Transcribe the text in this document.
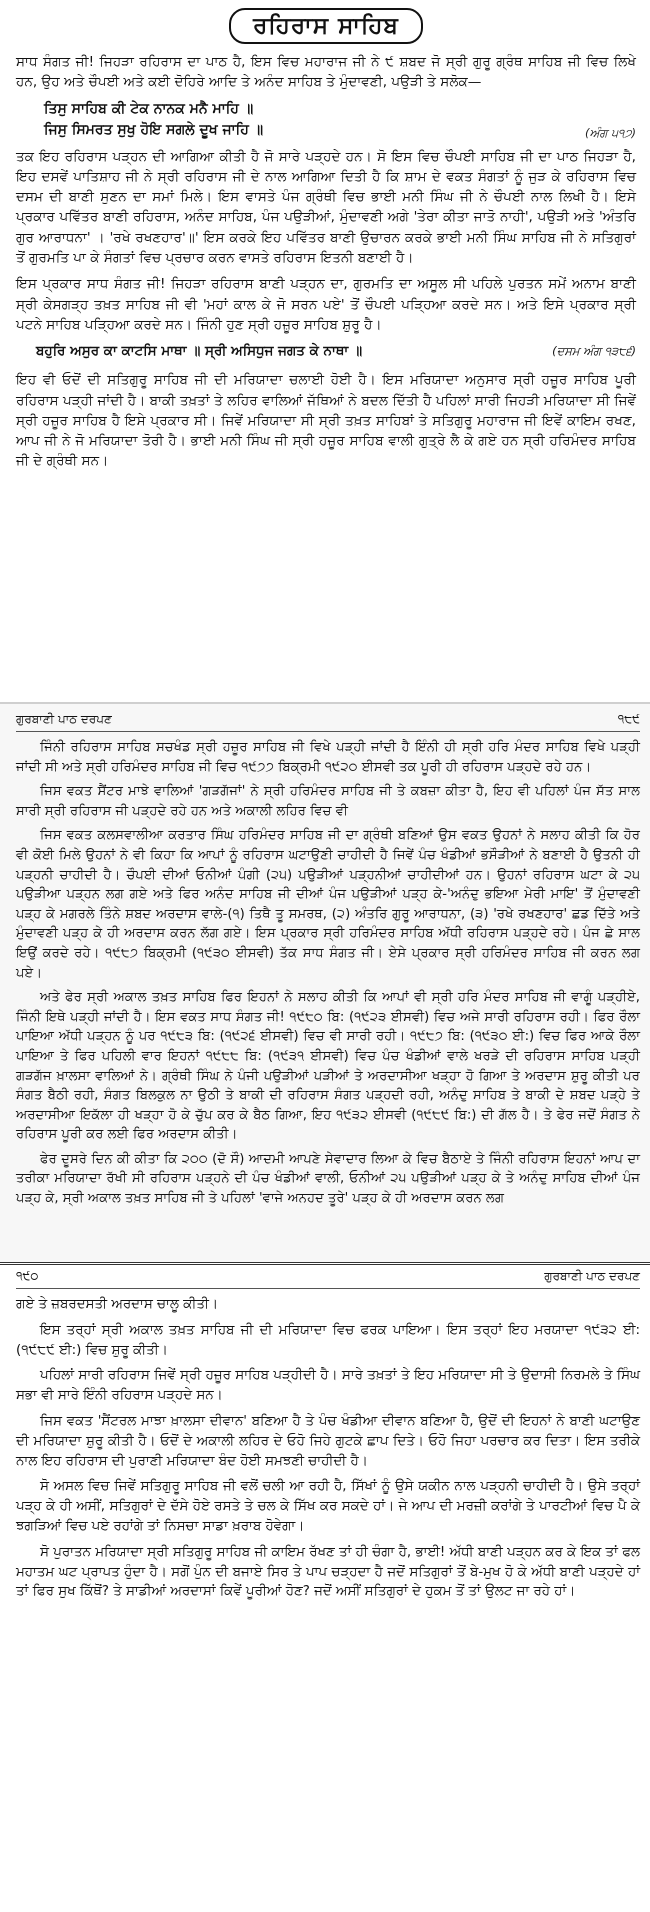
ਰਹਿਰਾਸ ਸਾਹਿਬ

ਸਾਧ ਸੰਗਤ ਜੀ! ਜਿਹੜਾ ਰਹਿਰਾਸ ਦਾ ਪਾਠ ਹੈ, ਇਸ ਵਿਚ ਮਹਾਰਾਜ ਜੀ ਨੇ ੯ ਸ਼ਬਦ ਜੋ ਸ੍ਰੀ ਗੁਰੂ ਗ੍ਰੰਥ ਸਾਹਿਬ ਜੀ ਵਿਚ ਲਿਖੇ ਹਨ, ਉਹ ਅਤੇ ਚੌਪਈ ਅਤੇ ਕਈ ਦੋਹਿਰੇ ਆਦਿ ਤੇ ਅਨੰਦ ਸਾਹਿਬ ਤੇ ਮੁੰਦਾਵਣੀ, ਪਉੜੀ ਤੇ ਸਲੋਕ—

ਤਿਸੁ ਸਾਹਿਬ ਕੀ ਟੇਕ ਨਾਨਕ ਮਨੈ ਮਾਹਿ ॥
ਜਿਸੁ ਸਿਮਰਤ ਸੁਖੁ ਹੋਇ ਸਗਲੇ ਦੂਖ ਜਾਹਿ ॥	(ਅੰਗ ੫੧੭)

ਤਕ ਇਹ ਰਹਿਰਾਸ ਪੜ੍ਹਨ ਦੀ ਆਗਿਆ ਕੀਤੀ ਹੈ ਜੋ ਸਾਰੇ ਪੜ੍ਹਦੇ ਹਨ। ਸੋ ਇਸ ਵਿਚ ਚੌਪਈ ਸਾਹਿਬ ਜੀ ਦਾ ਪਾਠ ਜਿਹੜਾ ਹੈ, ਇਹ ਦਸਵੇਂ ਪਾਤਿਸ਼ਾਹ ਜੀ ਨੇ ਸ੍ਰੀ ਰਹਿਰਾਸ ਜੀ ਦੇ ਨਾਲ ਆਗਿਆ ਦਿਤੀ ਹੈ ਕਿ ਸ਼ਾਮ ਦੇ ਵਕਤ ਸੰਗਤਾਂ ਨੂੰ ਜੁੜ ਕੇ ਰਹਿਰਾਸ ਵਿਚ ਦਸਮ ਦੀ ਬਾਣੀ ਸੁਣਨ ਦਾ ਸਮਾਂ ਮਿਲੇ। ਇਸ ਵਾਸਤੇ ਪੰਜ ਗ੍ਰੰਥੀ ਵਿਚ ਭਾਈ ਮਨੀ ਸਿੰਘ ਜੀ ਨੇ ਚੌਪਈ ਨਾਲ ਲਿਖੀ ਹੈ। ਇਸੇ ਪ੍ਰਕਾਰ ਪਵਿੱਤਰ ਬਾਣੀ ਰਹਿਰਾਸ, ਅਨੰਦ ਸਾਹਿਬ, ਪੰਜ ਪਉੜੀਆਂ, ਮੁੰਦਾਵਣੀ ਅਗੇ 'ਤੇਰਾ ਕੀਤਾ ਜਾਤੋ ਨਾਹੀ', ਪਉੜੀ ਅਤੇ 'ਅੰਤਰਿ ਗੁਰ ਆਰਾਧਨਾ' । 'ਰਖੇ ਰਖਣਹਾਰ'॥' ਇਸ ਕਰਕੇ ਇਹ ਪਵਿੱਤਰ ਬਾਣੀ ਉਚਾਰਨ ਕਰਕੇ ਭਾਈ ਮਨੀ ਸਿੰਘ ਸਾਹਿਬ ਜੀ ਨੇ ਸਤਿਗੁਰਾਂ ਤੋਂ ਗੁਰਮਤਿ ਪਾ ਕੇ ਸੰਗਤਾਂ ਵਿਚ ਪ੍ਰਚਾਰ ਕਰਨ ਵਾਸਤੇ ਰਹਿਰਾਸ ਇਤਨੀ ਬਣਾਈ ਹੈ।

ਇਸ ਪ੍ਰਕਾਰ ਸਾਧ ਸੰਗਤ ਜੀ! ਜਿਹੜਾ ਰਹਿਰਾਸ ਬਾਣੀ ਪੜ੍ਹਨ ਦਾ, ਗੁਰਮਤਿ ਦਾ ਅਸੂਲ ਸੀ ਪਹਿਲੇ ਪੁਰਤਨ ਸਮੇਂ ਅਨਾਮ ਬਾਣੀ ਸ੍ਰੀ ਕੇਸਗੜ੍ਹ ਤਖ਼ਤ ਸਾਹਿਬ ਜੀ ਵੀ 'ਮਹਾਂ ਕਾਲ ਕੇ ਜੋ ਸਰਨ ਪਏ' ਤੋਂ ਚੌਪਈ ਪੜ੍ਹਿਆ ਕਰਦੇ ਸਨ। ਅਤੇ ਇਸੇ ਪ੍ਰਕਾਰ ਸ੍ਰੀ ਪਟਨੇ ਸਾਹਿਬ ਪੜ੍ਹਿਆ ਕਰਦੇ ਸਨ। ਜਿੰਨੀ ਹੁਣ ਸ੍ਰੀ ਹਜ਼ੂਰ ਸਾਹਿਬ ਸ਼ੁਰੂ ਹੈ।

ਬਹੁਰਿ ਅਸੁਰ ਕਾ ਕਾਟਸਿ ਮਾਥਾ ॥ ਸ੍ਰੀ ਅਸਿਧੁਜ ਜਗਤ ਕੇ ਨਾਥਾ ॥	(ਦਸਮ ਅੰਗ ੧੩੮੬)

ਇਹ ਵੀ ਓਦੋਂ ਦੀ ਸਤਿਗੁਰੂ ਸਾਹਿਬ ਜੀ ਦੀ ਮਰਿਯਾਦਾ ਚਲਾਈ ਹੋਈ ਹੈ। ਇਸ ਮਰਿਯਾਦਾ ਅਨੁਸਾਰ ਸ੍ਰੀ ਹਜ਼ੂਰ ਸਾਹਿਬ ਪੂਰੀ ਰਹਿਰਾਸ ਪੜ੍ਹੀ ਜਾਂਦੀ ਹੈ। ਬਾਕੀ ਤਖ਼ਤਾਂ ਤੇ ਲਹਿਰ ਵਾਲਿਆਂ ਜੱਥਿਆਂ ਨੇ ਬਦਲ ਦਿੱਤੀ ਹੈ ਪਹਿਲਾਂ ਸਾਰੀ ਜਿਹੜੀ ਮਰਿਯਾਦਾ ਸੀ ਜਿਵੇਂ ਸ੍ਰੀ ਹਜ਼ੂਰ ਸਾਹਿਬ ਹੈ ਇਸੇ ਪ੍ਰਕਾਰ ਸੀ। ਜਿਵੇਂ ਮਰਿਯਾਦਾ ਸੀ ਸ੍ਰੀ ਤਖ਼ਤ ਸਾਹਿਬਾਂ ਤੇ ਸਤਿਗੁਰੂ ਮਹਾਰਾਜ ਜੀ ਇਵੇਂ ਕਾਇਮ ਰਖਣ, ਆਪ ਜੀ ਨੇ ਜੋ ਮਰਿਯਾਦਾ ਤੋਰੀ ਹੈ। ਭਾਈ ਮਨੀ ਸਿੰਘ ਜੀ ਸ੍ਰੀ ਹਜ਼ੂਰ ਸਾਹਿਬ ਵਾਲੀ ਗੁਤ੍ਰੇ ਲੈ ਕੇ ਗਏ ਹਨ ਸ੍ਰੀ ਹਰਿਮੰਦਰ ਸਾਹਿਬ ਜੀ ਦੇ ਗ੍ਰੰਥੀ ਸਨ।

ਗੁਰਬਾਣੀ ਪਾਠ ਦਰਪਣ	੧੮੯

ਜਿੰਨੀ ਰਹਿਰਾਸ ਸਾਹਿਬ ਸਚਖੰਡ ਸ੍ਰੀ ਹਜ਼ੂਰ ਸਾਹਿਬ ਜੀ ਵਿਖੇ ਪੜ੍ਹੀ ਜਾਂਦੀ ਹੈ ਇੰਨੀ ਹੀ ਸ੍ਰੀ ਹਰਿ ਮੰਦਰ ਸਾਹਿਬ ਵਿਖੇ ਪੜ੍ਹੀ ਜਾਂਦੀ ਸੀ ਅਤੇ ਸ੍ਰੀ ਹਰਿਮੰਦਰ ਸਾਹਿਬ ਜੀ ਵਿਚ ੧੯੭੭ ਬਿਕ੍ਰਮੀ ੧੯੨੦ ਈਸਵੀ ਤਕ ਪੂਰੀ ਹੀ ਰਹਿਰਾਸ ਪੜ੍ਹਦੇ ਰਹੇ ਹਨ।

ਜਿਸ ਵਕਤ ਸੈਂਟਰ ਮਾਝੇ ਵਾਲਿਆਂ 'ਗੜਗੱਜਾਂ' ਨੇ ਸ੍ਰੀ ਹਰਿਮੰਦਰ ਸਾਹਿਬ ਜੀ ਤੇ ਕਬਜ਼ਾ ਕੀਤਾ ਹੈ, ਇਹ ਵੀ ਪਹਿਲਾਂ ਪੰਜ ਸੱਤ ਸਾਲ ਸਾਰੀ ਸ੍ਰੀ ਰਹਿਰਾਸ ਜੀ ਪੜ੍ਹਦੇ ਰਹੇ ਹਨ ਅਤੇ ਅਕਾਲੀ ਲਹਿਰ ਵਿਚ ਵੀ

ਜਿਸ ਵਕਤ ਕਲਸਵਾਲੀਆ ਕਰਤਾਰ ਸਿੰਘ ਹਰਿਮੰਦਰ ਸਾਹਿਬ ਜੀ ਦਾ ਗ੍ਰੰਥੀ ਬਣਿਆਂ ਉਸ ਵਕਤ ਉਹਨਾਂ ਨੇ ਸਲਾਹ ਕੀਤੀ ਕਿ ਹੋਰ ਵੀ ਕੋਈ ਮਿਲੇ ਉਹਨਾਂ ਨੇ ਵੀ ਕਿਹਾ ਕਿ ਆਪਾਂ ਨੂੰ ਰਹਿਰਾਸ ਘਟਾਉਣੀ ਚਾਹੀਦੀ ਹੈ ਜਿਵੇਂ ਪੰਚ ਖੰਡੀਆਂ ਭਸੌੜੀਆਂ ਨੇ ਬਣਾਈ ਹੈ ਉਤਨੀ ਹੀ ਪੜ੍ਹਨੀ ਚਾਹੀਦੀ ਹੈ। ਚੌਪਈ ਦੀਆਂ ਓਨੀਆਂ ਪੰਗੀ (੨੫) ਪਉੜੀਆਂ ਪੜ੍ਹਨੀਆਂ ਚਾਹੀਦੀਆਂ ਹਨ। ਉਹਨਾਂ ਰਹਿਰਾਸ ਘਟਾ ਕੇ ੨੫ ਪਉੜੀਆ ਪੜ੍ਹਨ ਲਗ ਗਏ ਅਤੇ ਫਿਰ ਅਨੰਦ ਸਾਹਿਬ ਜੀ ਦੀਆਂ ਪੰਜ ਪਉੜੀਆਂ ਪੜ੍ਹ ਕੇ-'ਅਨੰਦੁ ਭਇਆ ਮੇਰੀ ਮਾਇ' ਤੋਂ ਮੁੰਦਾਵਣੀ ਪੜ੍ਹ ਕੇ ਮਗਰਲੇ ਤਿੰਨੇ ਸ਼ਬਦ ਅਰਦਾਸ ਵਾਲੇ-(੧) ਤਿਥੈ ਤੂ ਸਮਰਥ, (੨) ਅੰਤਰਿ ਗੁਰੂ ਆਰਾਧਨਾ, (੩) 'ਰਖੇ ਰਖਣਹਾਰ' ਛਡ ਦਿੱਤੇ ਅਤੇ ਮੁੰਦਾਵਣੀ ਪੜ੍ਹ ਕੇ ਹੀ ਅਰਦਾਸ ਕਰਨ ਲੱਗ ਗਏ। ਇਸ ਪ੍ਰਕਾਰ ਸ੍ਰੀ ਹਰਿਮੰਦਰ ਸਾਹਿਬ ਅੱਧੀ ਰਹਿਰਾਸ ਪੜ੍ਹਦੇ ਰਹੇ। ਪੰਜ ਛੇ ਸਾਲ ਇਉਂ ਕਰਦੇ ਰਹੇ। ੧੯੮੭ ਬਿਕ੍ਰਮੀ (੧੯੩੦ ਈਸਵੀ) ਤੱਕ ਸਾਧ ਸੰਗਤ ਜੀ। ਏਸੇ ਪ੍ਰਕਾਰ ਸ੍ਰੀ ਹਰਿਮੰਦਰ ਸਾਹਿਬ ਜੀ ਕਰਨ ਲਗ ਪਏ।

ਅਤੇ ਫੇਰ ਸ੍ਰੀ ਅਕਾਲ ਤਖ਼ਤ ਸਾਹਿਬ ਫਿਰ ਇਹਨਾਂ ਨੇ ਸਲਾਹ ਕੀਤੀ ਕਿ ਆਪਾਂ ਵੀ ਸ੍ਰੀ ਹਰਿ ਮੰਦਰ ਸਾਹਿਬ ਜੀ ਵਾਗੂੰ ਪੜ੍ਹੀਏ, ਜਿੰਨੀ ਇਥੇ ਪੜ੍ਹੀ ਜਾਂਦੀ ਹੈ। ਇਸ ਵਕਤ ਸਾਧ ਸੰਗਤ ਜੀ! ੧੯੮੦ ਬਿ: (੧੯੨੩ ਈਸਵੀ) ਵਿਚ ਅਜੇ ਸਾਰੀ ਰਹਿਰਾਸ ਰਹੀ। ਫਿਰ ਰੌਲਾ ਪਾਇਆ ਅੱਧੀ ਪੜ੍ਹਨ ਨੂੰ ਪਰ ੧੯੮੩ ਬਿ: (੧੯੨੬ ਈਸਵੀ) ਵਿਚ ਵੀ ਸਾਰੀ ਰਹੀ। ੧੯੮੭ ਬਿ: (੧੯੩੦ ਈ:) ਵਿਚ ਫਿਰ ਆਕੇ ਰੌਲਾ ਪਾਇਆ ਤੇ ਫਿਰ ਪਹਿਲੀ ਵਾਰ ਇਹਨਾਂ ੧੯੮੮ ਬਿ: (੧੯੩੧ ਈਸਵੀ) ਵਿਚ ਪੰਚ ਖੰਡੀਆਂ ਵਾਲੇ ਖਰੜੇ ਦੀ ਰਹਿਰਾਸ ਸਾਹਿਬ ਪੜ੍ਹੀ ਗੜਗੱਜ ਖ਼ਾਲਸਾ ਵਾਲਿਆਂ ਨੇ। ਗ੍ਰੰਥੀ ਸਿੰਘ ਨੇ ਪੰਜੀ ਪਉੜੀਆਂ ਪੜੀਆਂ ਤੇ ਅਰਦਾਸੀਆ ਖੜ੍ਹਾ ਹੋ ਗਿਆ ਤੇ ਅਰਦਾਸ ਸ਼ੁਰੂ ਕੀਤੀ ਪਰ ਸੰਗਤ ਬੈਠੀ ਰਹੀ, ਸੰਗਤ ਬਿਲਕੁਲ ਨਾ ਉਠੀ ਤੇ ਬਾਕੀ ਦੀ ਰਹਿਰਾਸ ਸੰਗਤ ਪੜ੍ਹਦੀ ਰਹੀ, ਅਨੰਦੁ ਸਾਹਿਬ ਤੇ ਬਾਕੀ ਦੇ ਸ਼ਬਦ ਪੜ੍ਹੇ ਤੇ ਅਰਦਾਸੀਆ ਇਕੱਲਾ ਹੀ ਖੜ੍ਹਾ ਹੋ ਕੇ ਚੁੱਪ ਕਰ ਕੇ ਬੈਠ ਗਿਆ, ਇਹ ੧੯੩੨ ਈਸਵੀ (੧੯੮੯ ਬਿ:) ਦੀ ਗੱਲ ਹੈ। ਤੇ ਫੇਰ ਜਦੋਂ ਸੰਗਤ ਨੇ ਰਹਿਰਾਸ ਪੂਰੀ ਕਰ ਲਈ ਫਿਰ ਅਰਦਾਸ ਕੀਤੀ।

ਫੇਰ ਦੂਸਰੇ ਦਿਨ ਕੀ ਕੀਤਾ ਕਿ ੨੦੦ (ਦੋ ਸੌ) ਆਦਮੀ ਆਪਣੇ ਸੇਵਾਦਾਰ ਲਿਆ ਕੇ ਵਿਚ ਬੈਠਾਏ ਤੇ ਜਿੰਨੀ ਰਹਿਰਾਸ ਇਹਨਾਂ ਆਪ ਦਾ ਤਰੀਕਾ ਮਰਿਯਾਦਾ ਰੱਖੀ ਸੀ ਰਹਿਰਾਸ ਪੜ੍ਹਨੇ ਦੀ ਪੰਚ ਖੰਡੀਆਂ ਵਾਲੀ, ਓਨੀਆਂ ੨੫ ਪਉੜੀਆਂ ਪੜ੍ਹ ਕੇ ਤੇ ਅਨੰਦੁ ਸਾਹਿਬ ਦੀਆਂ ਪੰਜ ਪੜ੍ਹ ਕੇ, ਸ੍ਰੀ ਅਕਾਲ ਤਖ਼ਤ ਸਾਹਿਬ ਜੀ ਤੇ ਪਹਿਲਾਂ 'ਵਾਜੇ ਅਨਹਦ ਤੂਰੇ' ਪੜ੍ਹ ਕੇ ਹੀ ਅਰਦਾਸ ਕਰਨ ਲਗ

੧੯੦	ਗੁਰਬਾਣੀ ਪਾਠ ਦਰਪਣ

ਗਏ ਤੇ ਜ਼ਬਰਦਸਤੀ ਅਰਦਾਸ ਚਾਲੂ ਕੀਤੀ।

ਇਸ ਤਰ੍ਹਾਂ ਸ੍ਰੀ ਅਕਾਲ ਤਖ਼ਤ ਸਾਹਿਬ ਜੀ ਦੀ ਮਰਿਯਾਦਾ ਵਿਚ ਫਰਕ ਪਾਇਆ। ਇਸ ਤਰ੍ਹਾਂ ਇਹ ਮਰਯਾਦਾ ੧੯੩੨ ਈ: (੧੯੮੯ ਈ:) ਵਿਚ ਸ਼ੁਰੂ ਕੀਤੀ।

ਪਹਿਲਾਂ ਸਾਰੀ ਰਹਿਰਾਸ ਜਿਵੇਂ ਸ੍ਰੀ ਹਜ਼ੂਰ ਸਾਹਿਬ ਪੜ੍ਹੀਦੀ ਹੈ। ਸਾਰੇ ਤਖ਼ਤਾਂ ਤੇ ਇਹ ਮਰਿਯਾਦਾ ਸੀ ਤੇ ਉਦਾਸੀ ਨਿਰਮਲੇ ਤੇ ਸਿੰਘ ਸਭਾ ਵੀ ਸਾਰੇ ਇੰਨੀ ਰਹਿਰਾਸ ਪੜ੍ਹਦੇ ਸਨ।

ਜਿਸ ਵਕਤ 'ਸੈਂਟਰਲ ਮਾਝਾ ਖ਼ਾਲਸਾ ਦੀਵਾਨ' ਬਣਿਆ ਹੈ ਤੇ ਪੰਚ ਖੰਡੀਆ ਦੀਵਾਨ ਬਣਿਆ ਹੈ, ਉਦੋਂ ਦੀ ਇਹਨਾਂ ਨੇ ਬਾਣੀ ਘਟਾਉਣ ਦੀ ਮਰਿਯਾਦਾ ਸ਼ੁਰੂ ਕੀਤੀ ਹੈ। ਓਦੋਂ ਦੇ ਅਕਾਲੀ ਲਹਿਰ ਦੇ ਓਹੋ ਜਿਹੇ ਗੁਟਕੇ ਛਾਪ ਦਿਤੇ। ਓਹੋ ਜਿਹਾ ਪਰਚਾਰ ਕਰ ਦਿਤਾ। ਇਸ ਤਰੀਕੇ ਨਾਲ ਇਹ ਰਹਿਰਾਸ ਦੀ ਪੁਰਾਣੀ ਮਰਿਯਾਦਾ ਬੰਦ ਹੋਈ ਸਮਝਣੀ ਚਾਹੀਦੀ ਹੈ।

ਸੋ ਅਸਲ ਵਿਚ ਜਿਵੇਂ ਸਤਿਗੁਰੂ ਸਾਹਿਬ ਜੀ ਵਲੋਂ ਚਲੀ ਆ ਰਹੀ ਹੈ, ਸਿੱਖਾਂ ਨੂੰ ਉਸੇ ਯਕੀਨ ਨਾਲ ਪੜ੍ਹਨੀ ਚਾਹੀਦੀ ਹੈ। ਉਸੇ ਤਰ੍ਹਾਂ ਪੜ੍ਹ ਕੇ ਹੀ ਅਸੀਂ, ਸਤਿਗੁਰਾਂ ਦੇ ਦੱਸੇ ਹੋਏ ਰਸਤੇ ਤੇ ਚਲ ਕੇ ਸਿੱਖ ਕਰ ਸਕਦੇ ਹਾਂ। ਜੇ ਆਪ ਦੀ ਮਰਜ਼ੀ ਕਰਾਂਗੇ ਤੇ ਪਾਰਟੀਆਂ ਵਿਚ ਪੈ ਕੇ ਝਗੜਿਆਂ ਵਿਚ ਪਏ ਰਹਾਂਗੇ ਤਾਂ ਨਿਸਚਾ ਸਾਡਾ ਖ਼ਰਾਬ ਹੋਵੇਗਾ।

ਸੋ ਪੁਰਾਤਨ ਮਰਿਯਾਦਾ ਸ੍ਰੀ ਸਤਿਗੁਰੂ ਸਾਹਿਬ ਜੀ ਕਾਇਮ ਰੱਖਣ ਤਾਂ ਹੀ ਚੰਗਾ ਹੈ, ਭਾਈ! ਅੱਧੀ ਬਾਣੀ ਪੜ੍ਹਨ ਕਰ ਕੇ ਇਕ ਤਾਂ ਫਲ ਮਹਾਤਮ ਘਟ ਪ੍ਰਾਪਤ ਹੁੰਦਾ ਹੈ। ਸਗੋਂ ਪੁੰਨ ਦੀ ਬਜਾਏ ਸਿਰ ਤੇ ਪਾਪ ਚੜ੍ਹਦਾ ਹੈ ਜਦੋਂ ਸਤਿਗੁਰਾਂ ਤੋਂ ਬੇ-ਮੁਖ ਹੋ ਕੇ ਅੱਧੀ ਬਾਣੀ ਪੜ੍ਹਦੇ ਹਾਂ ਤਾਂ ਫਿਰ ਸੁਖ ਕਿੱਥੋਂ? ਤੇ ਸਾਡੀਆਂ ਅਰਦਾਸਾਂ ਕਿਵੇਂ ਪੂਰੀਆਂ ਹੋਣ? ਜਦੋਂ ਅਸੀਂ ਸਤਿਗੁਰਾਂ ਦੇ ਹੁਕਮ ਤੋਂ ਤਾਂ ਉਲਟ ਜਾ ਰਹੇ ਹਾਂ।
